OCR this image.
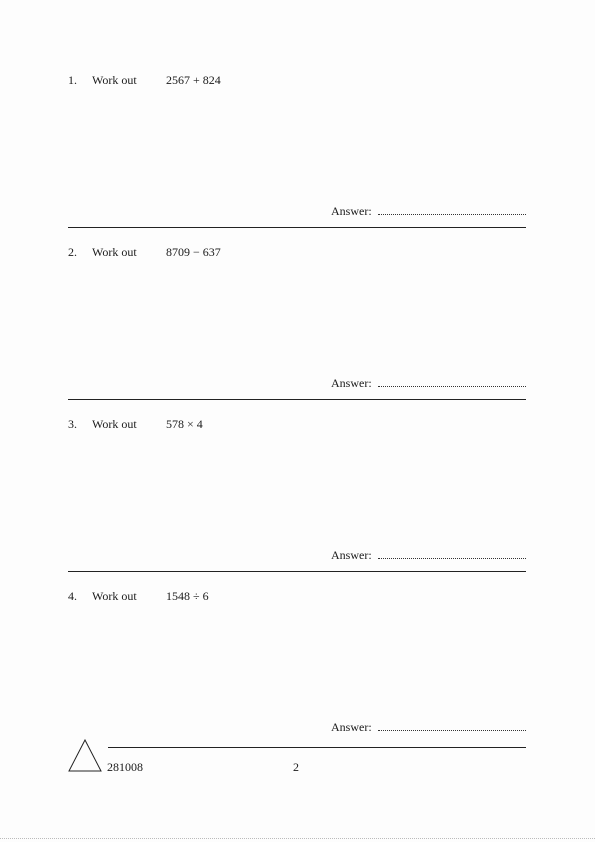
1. Work out 2567 + 824
Answer:
2. Work out 8709 − 637
Answer:
3. Work out 578 × 4
Answer:
4. Work out 1548 ÷ 6
Answer:
281008	2
